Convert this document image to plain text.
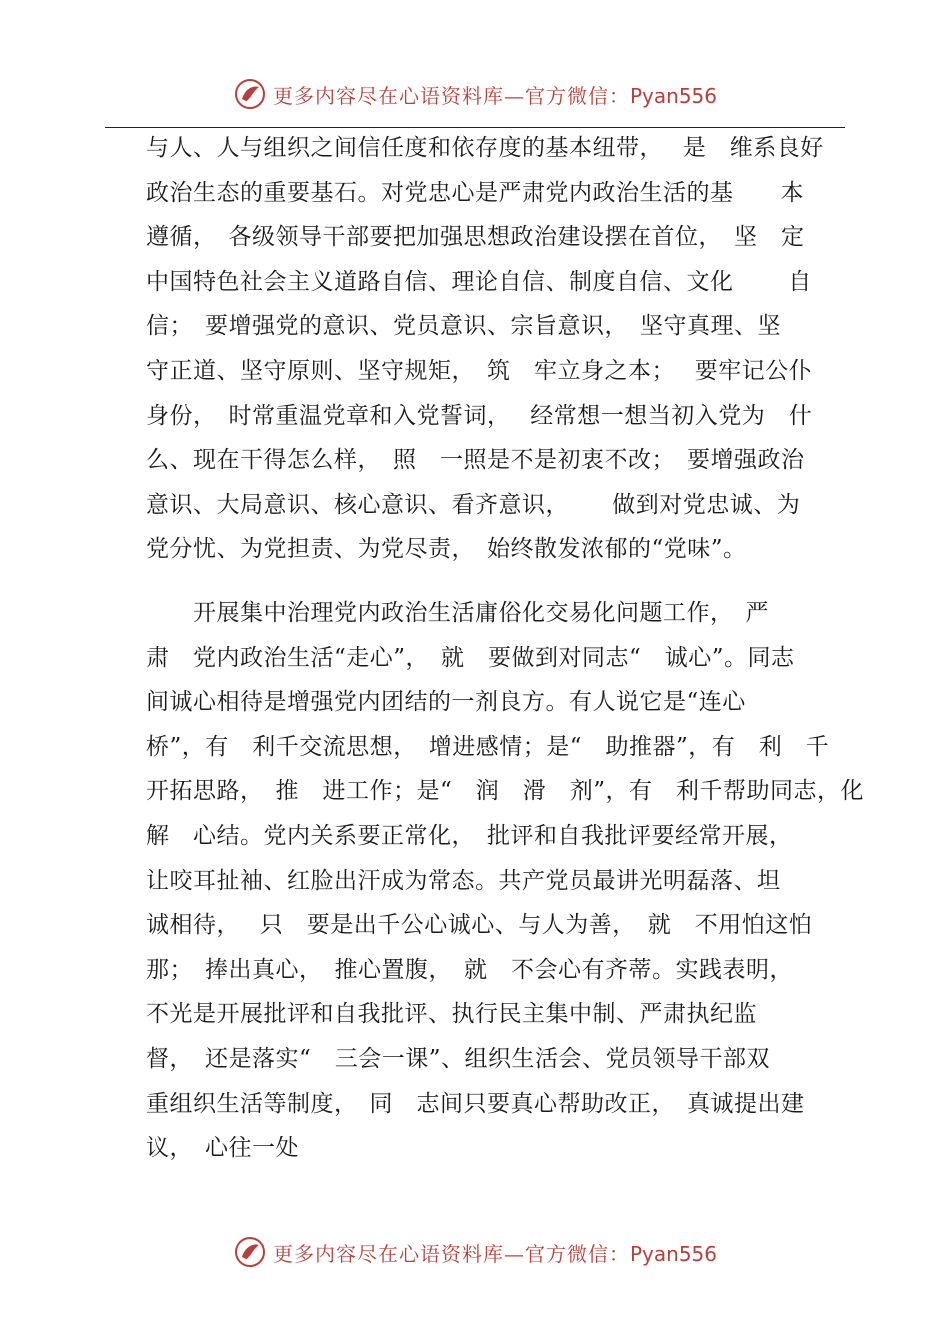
更多内容尽在心语资料库—官方微信：Pyan556
与人、人与组织之间信任度和依存度的基本纽带，　 是　维系良好
政治生态的重要基石。对党忠心是严肃党内政治生活的基　　本
遵循，　各级领导干部要把加强思想政治建设摆在首位，　坚　定
中国特色社会主义道路自信、理论自信、制度自信、文化　　 自
信；　要增强党的意识、党员意识、宗旨意识，　坚守真理、坚
守正道、坚守原则、坚守规矩，　筑　牢立身之本；　 要牢记公仆
身份，　时常重温党章和入党誓词，　 经常想一想当初入党为　什
么、现在干得怎么样，　照　一照是不是初衷不改；　要增强政治
意识、大局意识、核心意识、看齐意识，　　 做到对党忠诚、为
党分忧、为党担责、为党尽责，　始终散发浓郁的“党味”。
　　开展集中治理党内政治生活庸俗化交易化问题工作，　严
肃　党内政治生活“走心”，　就　要做到对同志“　诚心”。同志
间诚心相待是增强党内团结的一剂良方。有人说它是“连心
桥”，有　利千交流思想，　增进感情；是“　助推器”，有　利　千
开拓思路，　推　进工作；是“　润　滑　剂”，有　利千帮助同志，化
解　心结。党内关系要正常化，　批评和自我批评要经常开展，
让咬耳扯袖、红脸出汗成为常态。共产党员最讲光明磊落、坦
诚相待，　 只　要是出千公心诚心、与人为善，　就　不用怕这怕
那；　捧出真心，　推心置腹，　就　不会心有齐蒂。实践表明，
不光是开展批评和自我批评、执行民主集中制、严肃执纪监
督，　还是落实“　三会一课”、组织生活会、党员领导干部双
重组织生活等制度，　同　志间只要真心帮助改正，　真诚提出建
议，　心往一处
更多内容尽在心语资料库—官方微信：Pyan556
